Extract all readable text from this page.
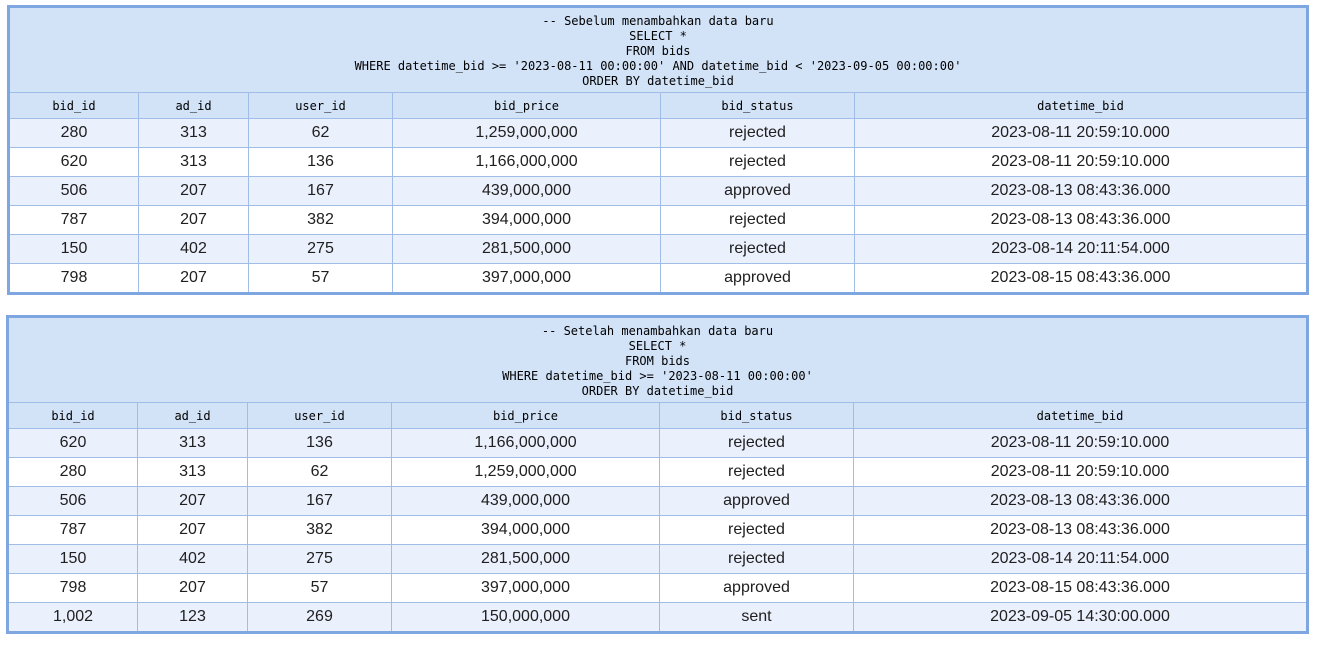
-- Sebelum menambahkan data baru
SELECT *
FROM bids
WHERE datetime_bid >= '2023-08-11 00:00:00' AND datetime_bid < '2023-09-05 00:00:00'
ORDER BY datetime_bid					

bid_id	ad_id	user_id	bid_price	bid_status	datetime_bid
280	313	62	1,259,000,000	rejected	2023-08-11 20:59:10.000
620	313	136	1,166,000,000	rejected	2023-08-11 20:59:10.000
506	207	167	439,000,000	approved	2023-08-13 08:43:36.000
787	207	382	394,000,000	rejected	2023-08-13 08:43:36.000
150	402	275	281,500,000	rejected	2023-08-14 20:11:54.000
798	207	57	397,000,000	approved	2023-08-15 08:43:36.000
-- Setelah menambahkan data baru
SELECT *
FROM bids
WHERE datetime_bid >= '2023-08-11 00:00:00'
ORDER BY datetime_bid					

bid_id	ad_id	user_id	bid_price	bid_status	datetime_bid
620	313	136	1,166,000,000	rejected	2023-08-11 20:59:10.000
280	313	62	1,259,000,000	rejected	2023-08-11 20:59:10.000
506	207	167	439,000,000	approved	2023-08-13 08:43:36.000
787	207	382	394,000,000	rejected	2023-08-13 08:43:36.000
150	402	275	281,500,000	rejected	2023-08-14 20:11:54.000
798	207	57	397,000,000	approved	2023-08-15 08:43:36.000
1,002	123	269	150,000,000	sent	2023-09-05 14:30:00.000
